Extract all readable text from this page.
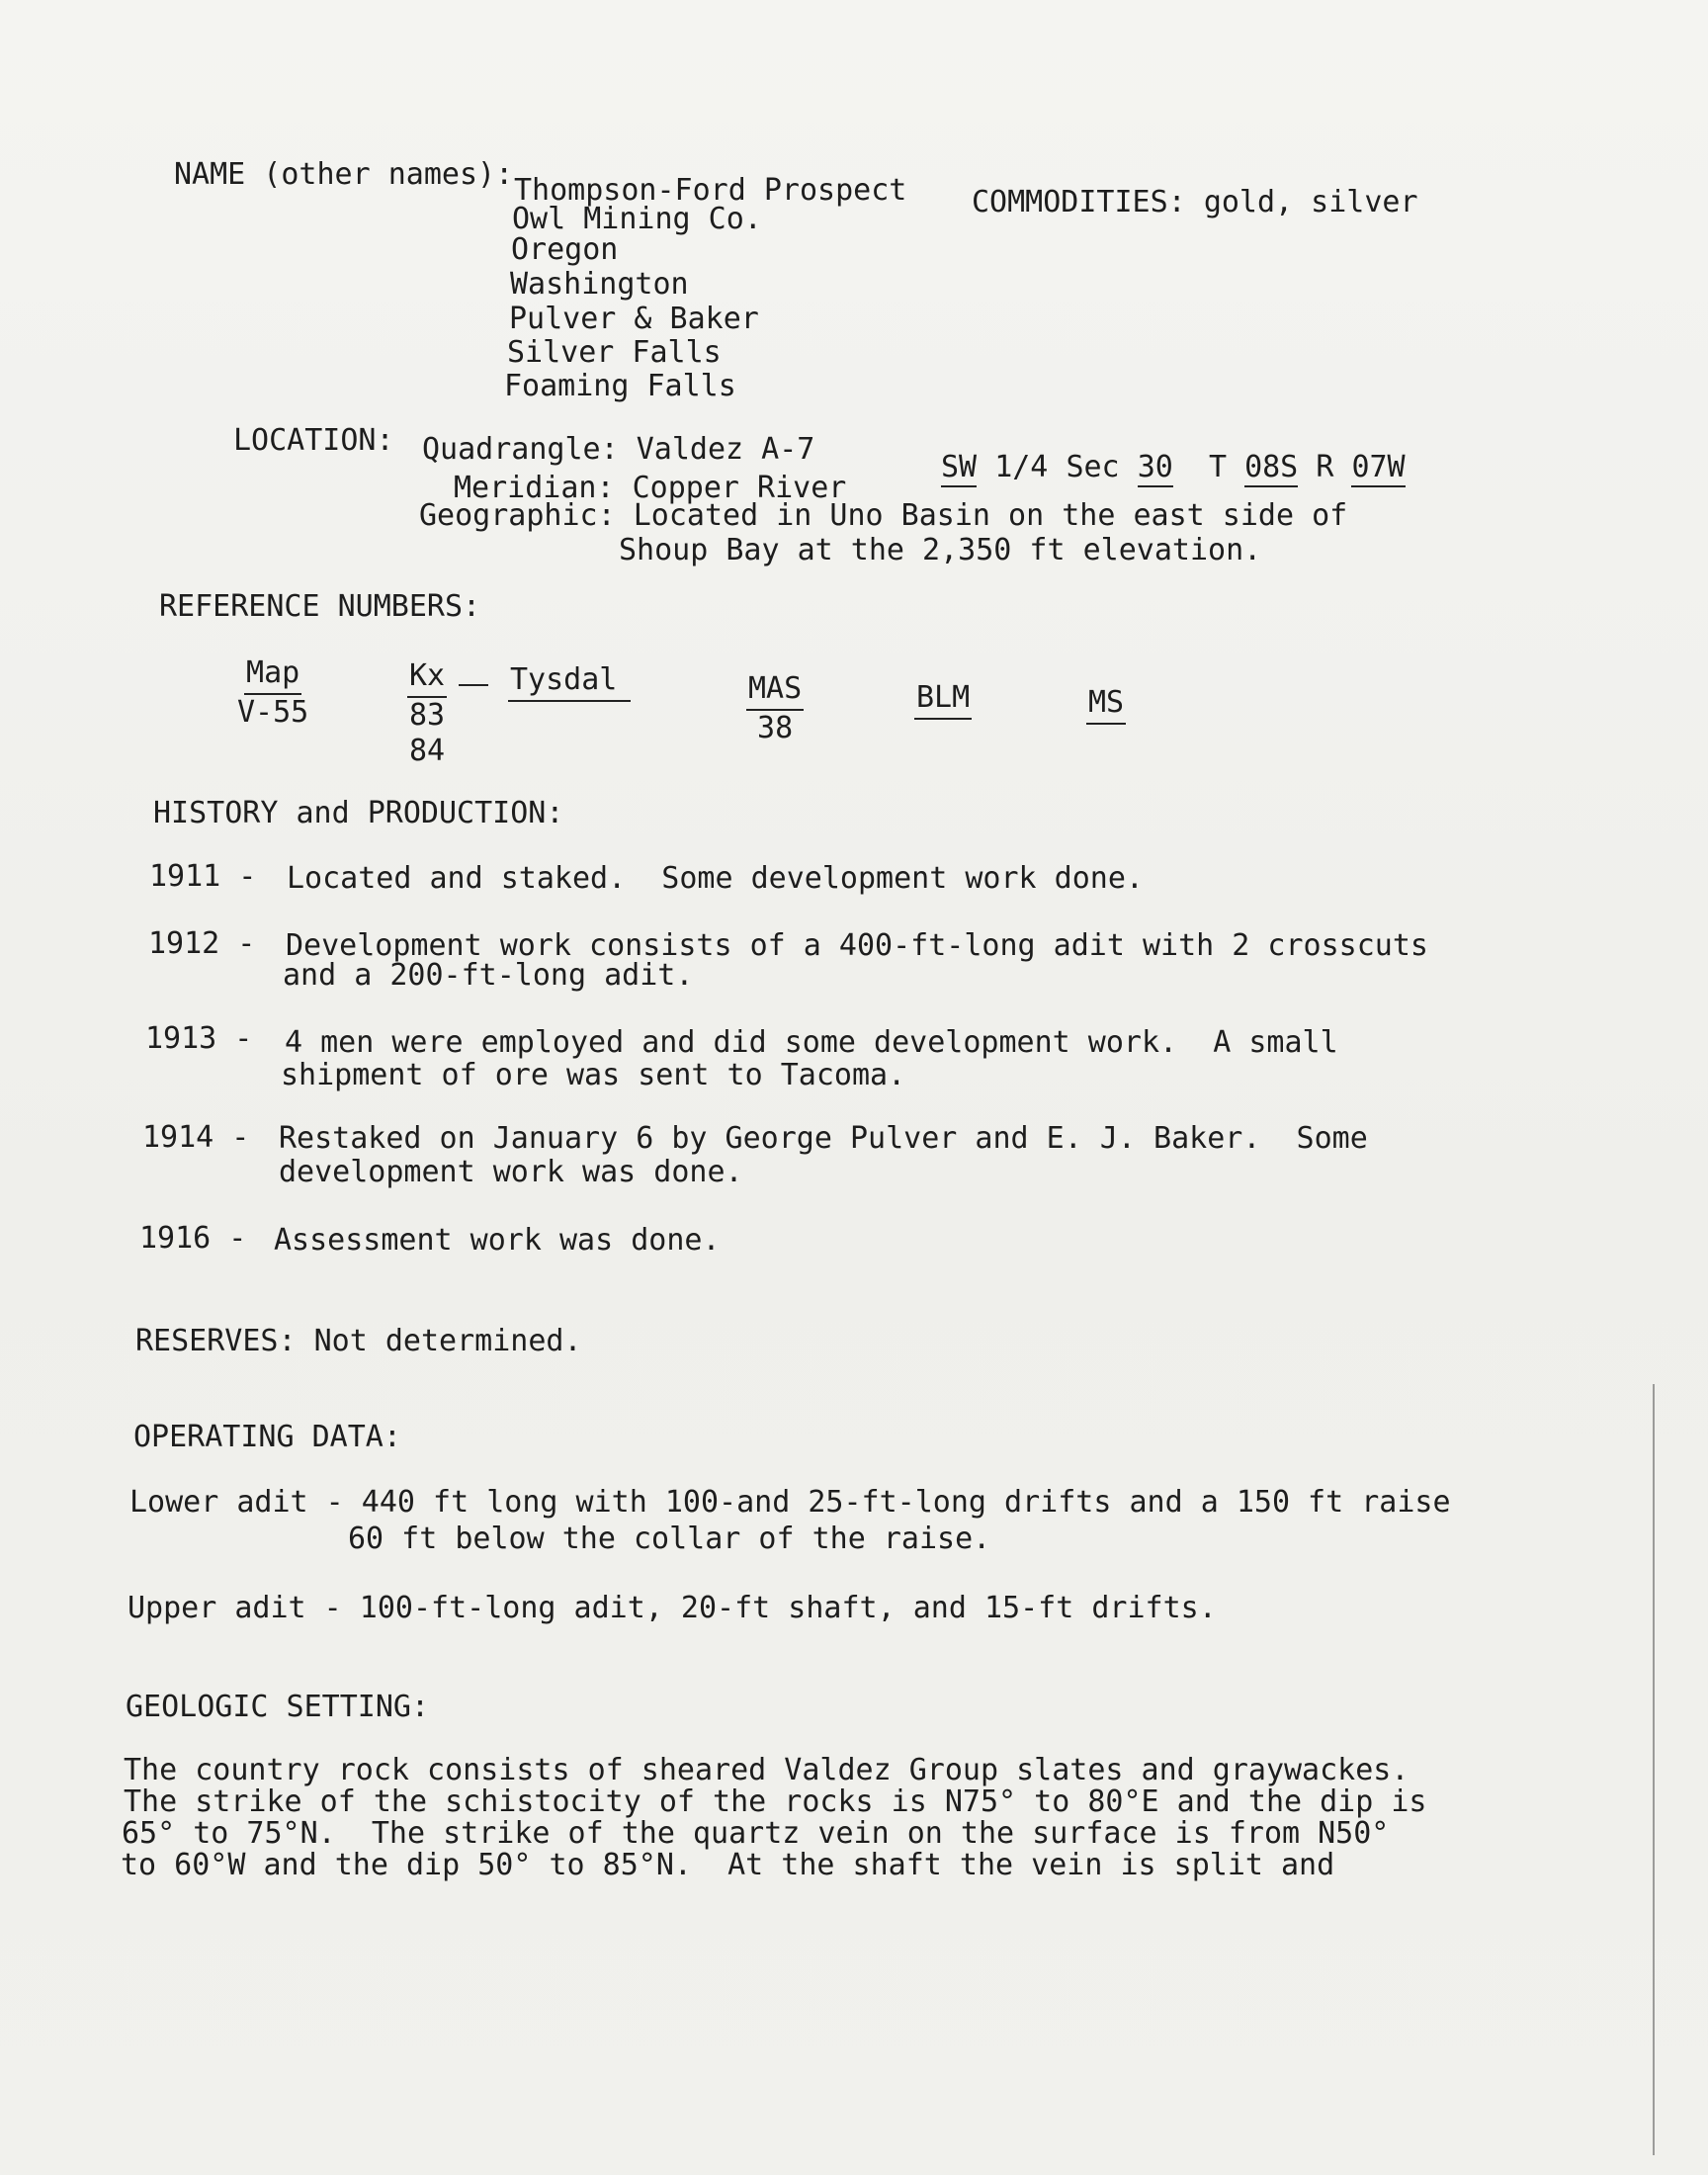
NAME (other names): Thompson-Ford Prospect
Owl Mining Co.
Oregon
Washington
Pulver & Baker
Silver Falls
Foaming Falls
COMMODITIES: gold, silver
LOCATION: Quadrangle: Valdez A-7
Meridian: Copper River
Geographic: Located in Uno Basin on the east side of
Shoup Bay at the 2,350 ft elevation.
SW 1/4 Sec 30 T 08S R 07W
REFERENCE NUMBERS:
Map
V-55
Kx
83
84
Tysdal	MAS
38
BLM	MS
HISTORY and PRODUCTION:
1911 - Located and staked.  Some development work done.
1912 - Development work consists of a 400-ft-long adit with 2 crosscuts
and a 200-ft-long adit.
1913 - 4 men were employed and did some development work.  A small
shipment of ore was sent to Tacoma.
1914 - Restaked on January 6 by George Pulver and E. J. Baker.  Some
development work was done.
1916 - Assessment work was done.
RESERVES: Not determined.
OPERATING DATA:
Lower adit - 440 ft long with 100-and 25-ft-long drifts and a 150 ft raise
60 ft below the collar of the raise.
Upper adit - 100-ft-long adit, 20-ft shaft, and 15-ft drifts.
GEOLOGIC SETTING:
The country rock consists of sheared Valdez Group slates and graywackes.
The strike of the schistocity of the rocks is N75° to 80°E and the dip is
65° to 75°N.  The strike of the quartz vein on the surface is from N50°
to 60°W and the dip 50° to 85°N.  At the shaft the vein is split and
